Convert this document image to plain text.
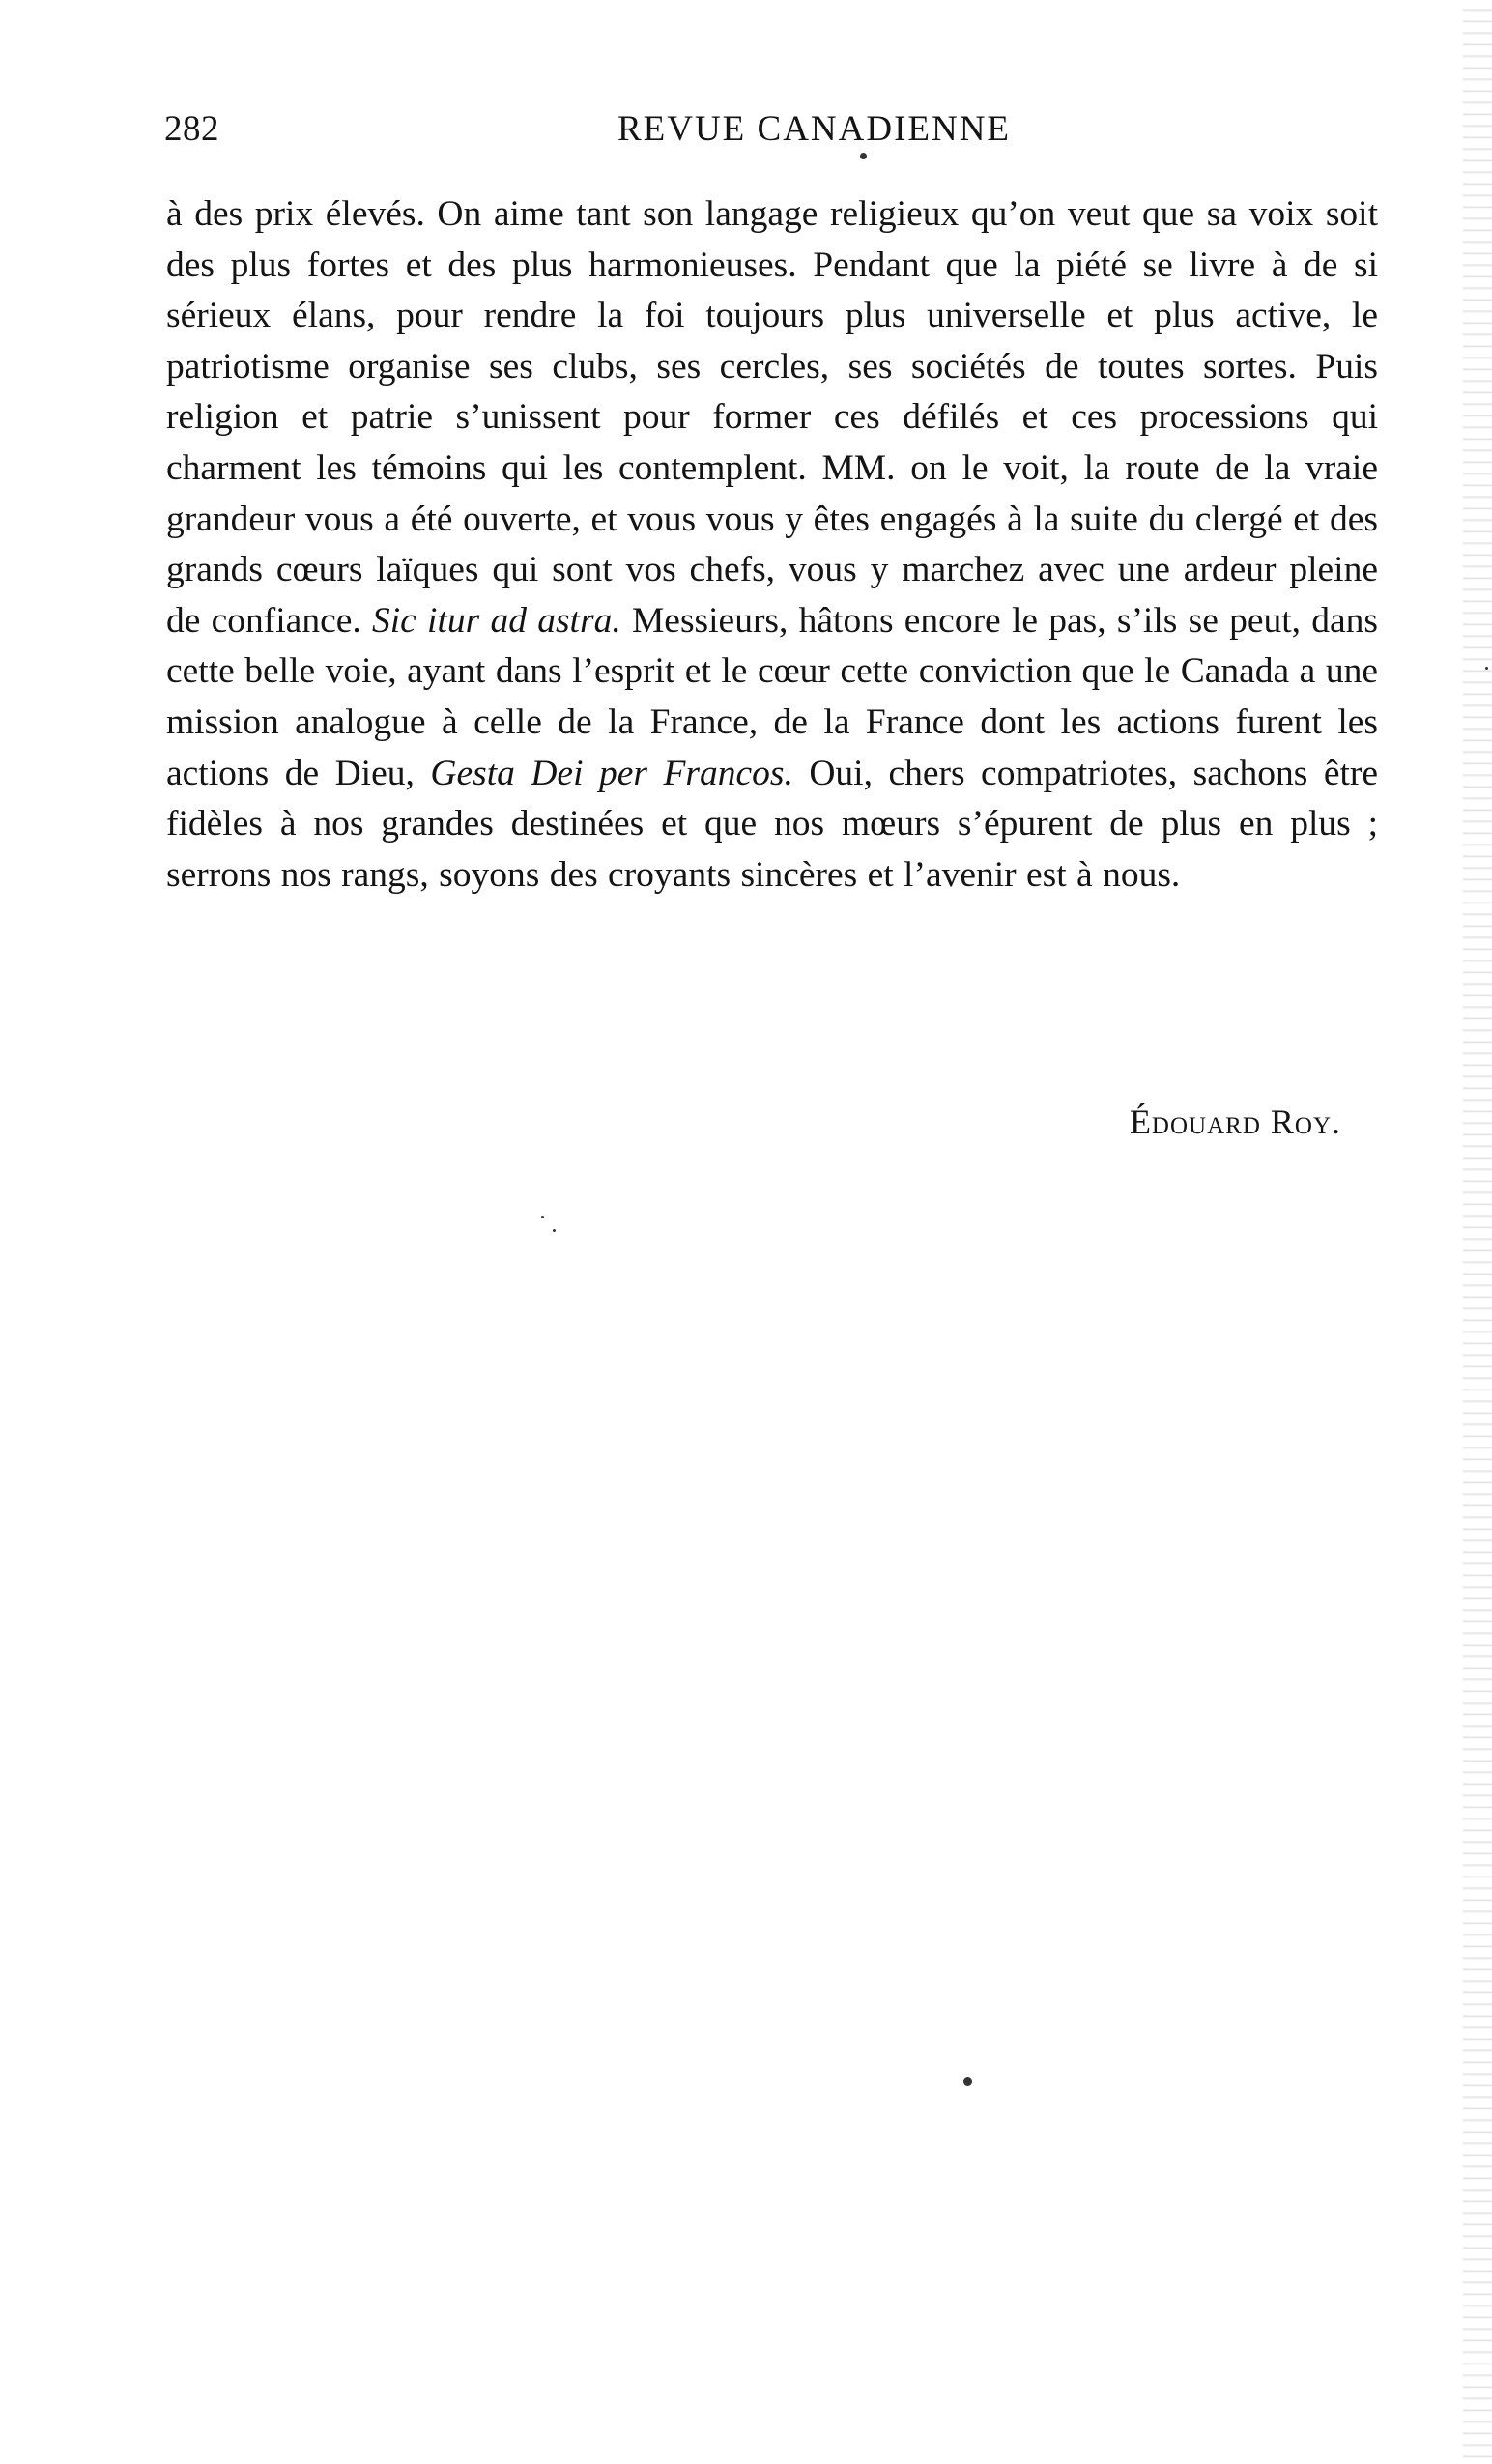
282	REVUE CANADIENNE

à des prix élevés. On aime tant son langage religieux qu’on veut que sa voix soit des plus fortes et des plus harmonieuses. Pendant que la piété se livre à de si sérieux élans, pour rendre la foi toujours plus universelle et plus active, le patriotisme organise ses clubs, ses cercles, ses sociétés de toutes sortes. Puis religion et patrie s’unissent pour former ces défilés et ces processions qui charment les témoins qui les contemplent. MM. on le voit, la route de la vraie grandeur vous a été ouverte, et vous vous y êtes engagés à la suite du clergé et des grands cœurs laïques qui sont vos chefs, vous y marchez avec une ardeur pleine de confiance. Sic itur ad astra. Messieurs, hâtons encore le pas, s’ils se peut, dans cette belle voie, ayant dans l’esprit et le cœur cette conviction que le Canada a une mission analogue à celle de la France, de la France dont les actions furent les actions de Dieu, Gesta Dei per Francos. Oui, chers compatriotes, sachons être fidèles à nos grandes destinées et que nos mœurs s’épurent de plus en plus ; serrons nos rangs, soyons des croyants sincères et l’avenir est à nous.

Édouard Roy.
